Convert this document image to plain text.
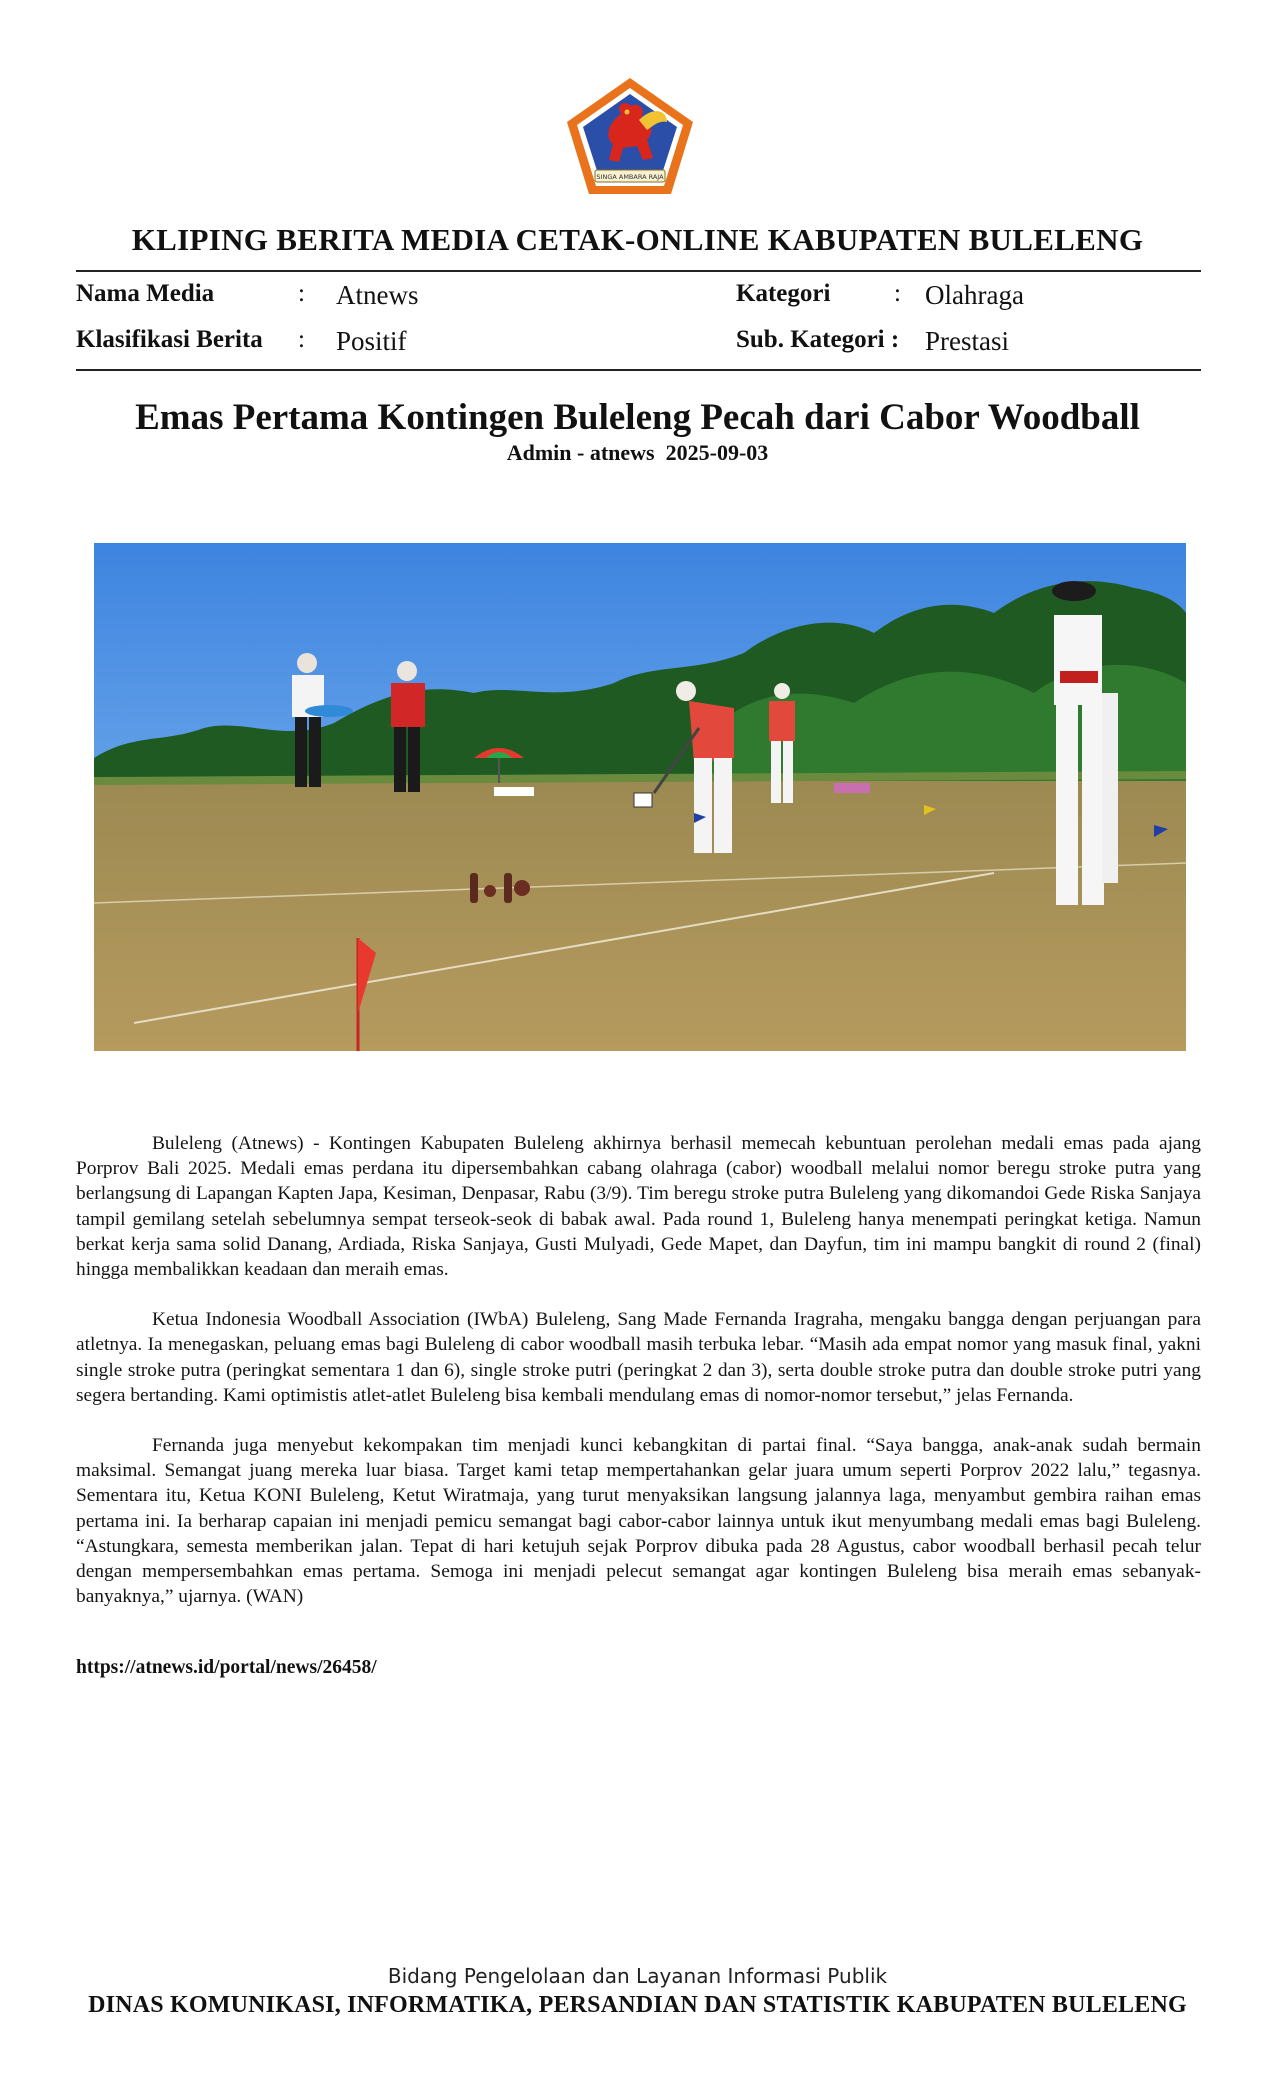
SINGA AMBARA RAJA
KLIPING BERITA MEDIA CETAK-ONLINE KABUPATEN BULELENG
Nama Media	: Atnews	Kategori	: Olahraga
Klasifikasi Berita : Positif	Sub. Kategori : Prestasi
Emas Pertama Kontingen Buleleng Pecah dari Cabor Woodball
Admin - atnews  2025-09-03

Buleleng (Atnews) - Kontingen Kabupaten Buleleng akhirnya berhasil memecah kebuntuan perolehan medali emas pada ajang Porprov Bali 2025. Medali emas perdana itu dipersembahkan cabang olahraga (cabor) woodball melalui nomor beregu stroke putra yang berlangsung di Lapangan Kapten Japa, Kesiman, Denpasar, Rabu (3/9). Tim beregu stroke putra Buleleng yang dikomandoi Gede Riska Sanjaya tampil gemilang setelah sebelumnya sempat terseok-seok di babak awal. Pada round 1, Buleleng hanya menempati peringkat ketiga. Namun berkat kerja sama solid Danang, Ardiada, Riska Sanjaya, Gusti Mulyadi, Gede Mapet, dan Dayfun, tim ini mampu bangkit di round 2 (final) hingga membalikkan keadaan dan meraih emas.

Ketua Indonesia Woodball Association (IWbA) Buleleng, Sang Made Fernanda Iragraha, mengaku bangga dengan perjuangan para atletnya. Ia menegaskan, peluang emas bagi Buleleng di cabor woodball masih terbuka lebar. “Masih ada empat nomor yang masuk final, yakni single stroke putra (peringkat sementara 1 dan 6), single stroke putri (peringkat 2 dan 3), serta double stroke putra dan double stroke putri yang segera bertanding. Kami optimistis atlet-atlet Buleleng bisa kembali mendulang emas di nomor-nomor tersebut,” jelas Fernanda.

Fernanda juga menyebut kekompakan tim menjadi kunci kebangkitan di partai final. “Saya bangga, anak-anak sudah bermain maksimal. Semangat juang mereka luar biasa. Target kami tetap mempertahankan gelar juara umum seperti Porprov 2022 lalu,” tegasnya. Sementara itu, Ketua KONI Buleleng, Ketut Wiratmaja, yang turut menyaksikan langsung jalannya laga, menyambut gembira raihan emas pertama ini. Ia berharap capaian ini menjadi pemicu semangat bagi cabor-cabor lainnya untuk ikut menyumbang medali emas bagi Buleleng. “Astungkara, semesta memberikan jalan. Tepat di hari ketujuh sejak Porprov dibuka pada 28 Agustus, cabor woodball berhasil pecah telur dengan mempersembahkan emas pertama. Semoga ini menjadi pelecut semangat agar kontingen Buleleng bisa meraih emas sebanyak-banyaknya,” ujarnya. (WAN)

https://atnews.id/portal/news/26458/
Bidang Pengelolaan dan Layanan Informasi Publik
DINAS KOMUNIKASI, INFORMATIKA, PERSANDIAN DAN STATISTIK KABUPATEN BULELENG
